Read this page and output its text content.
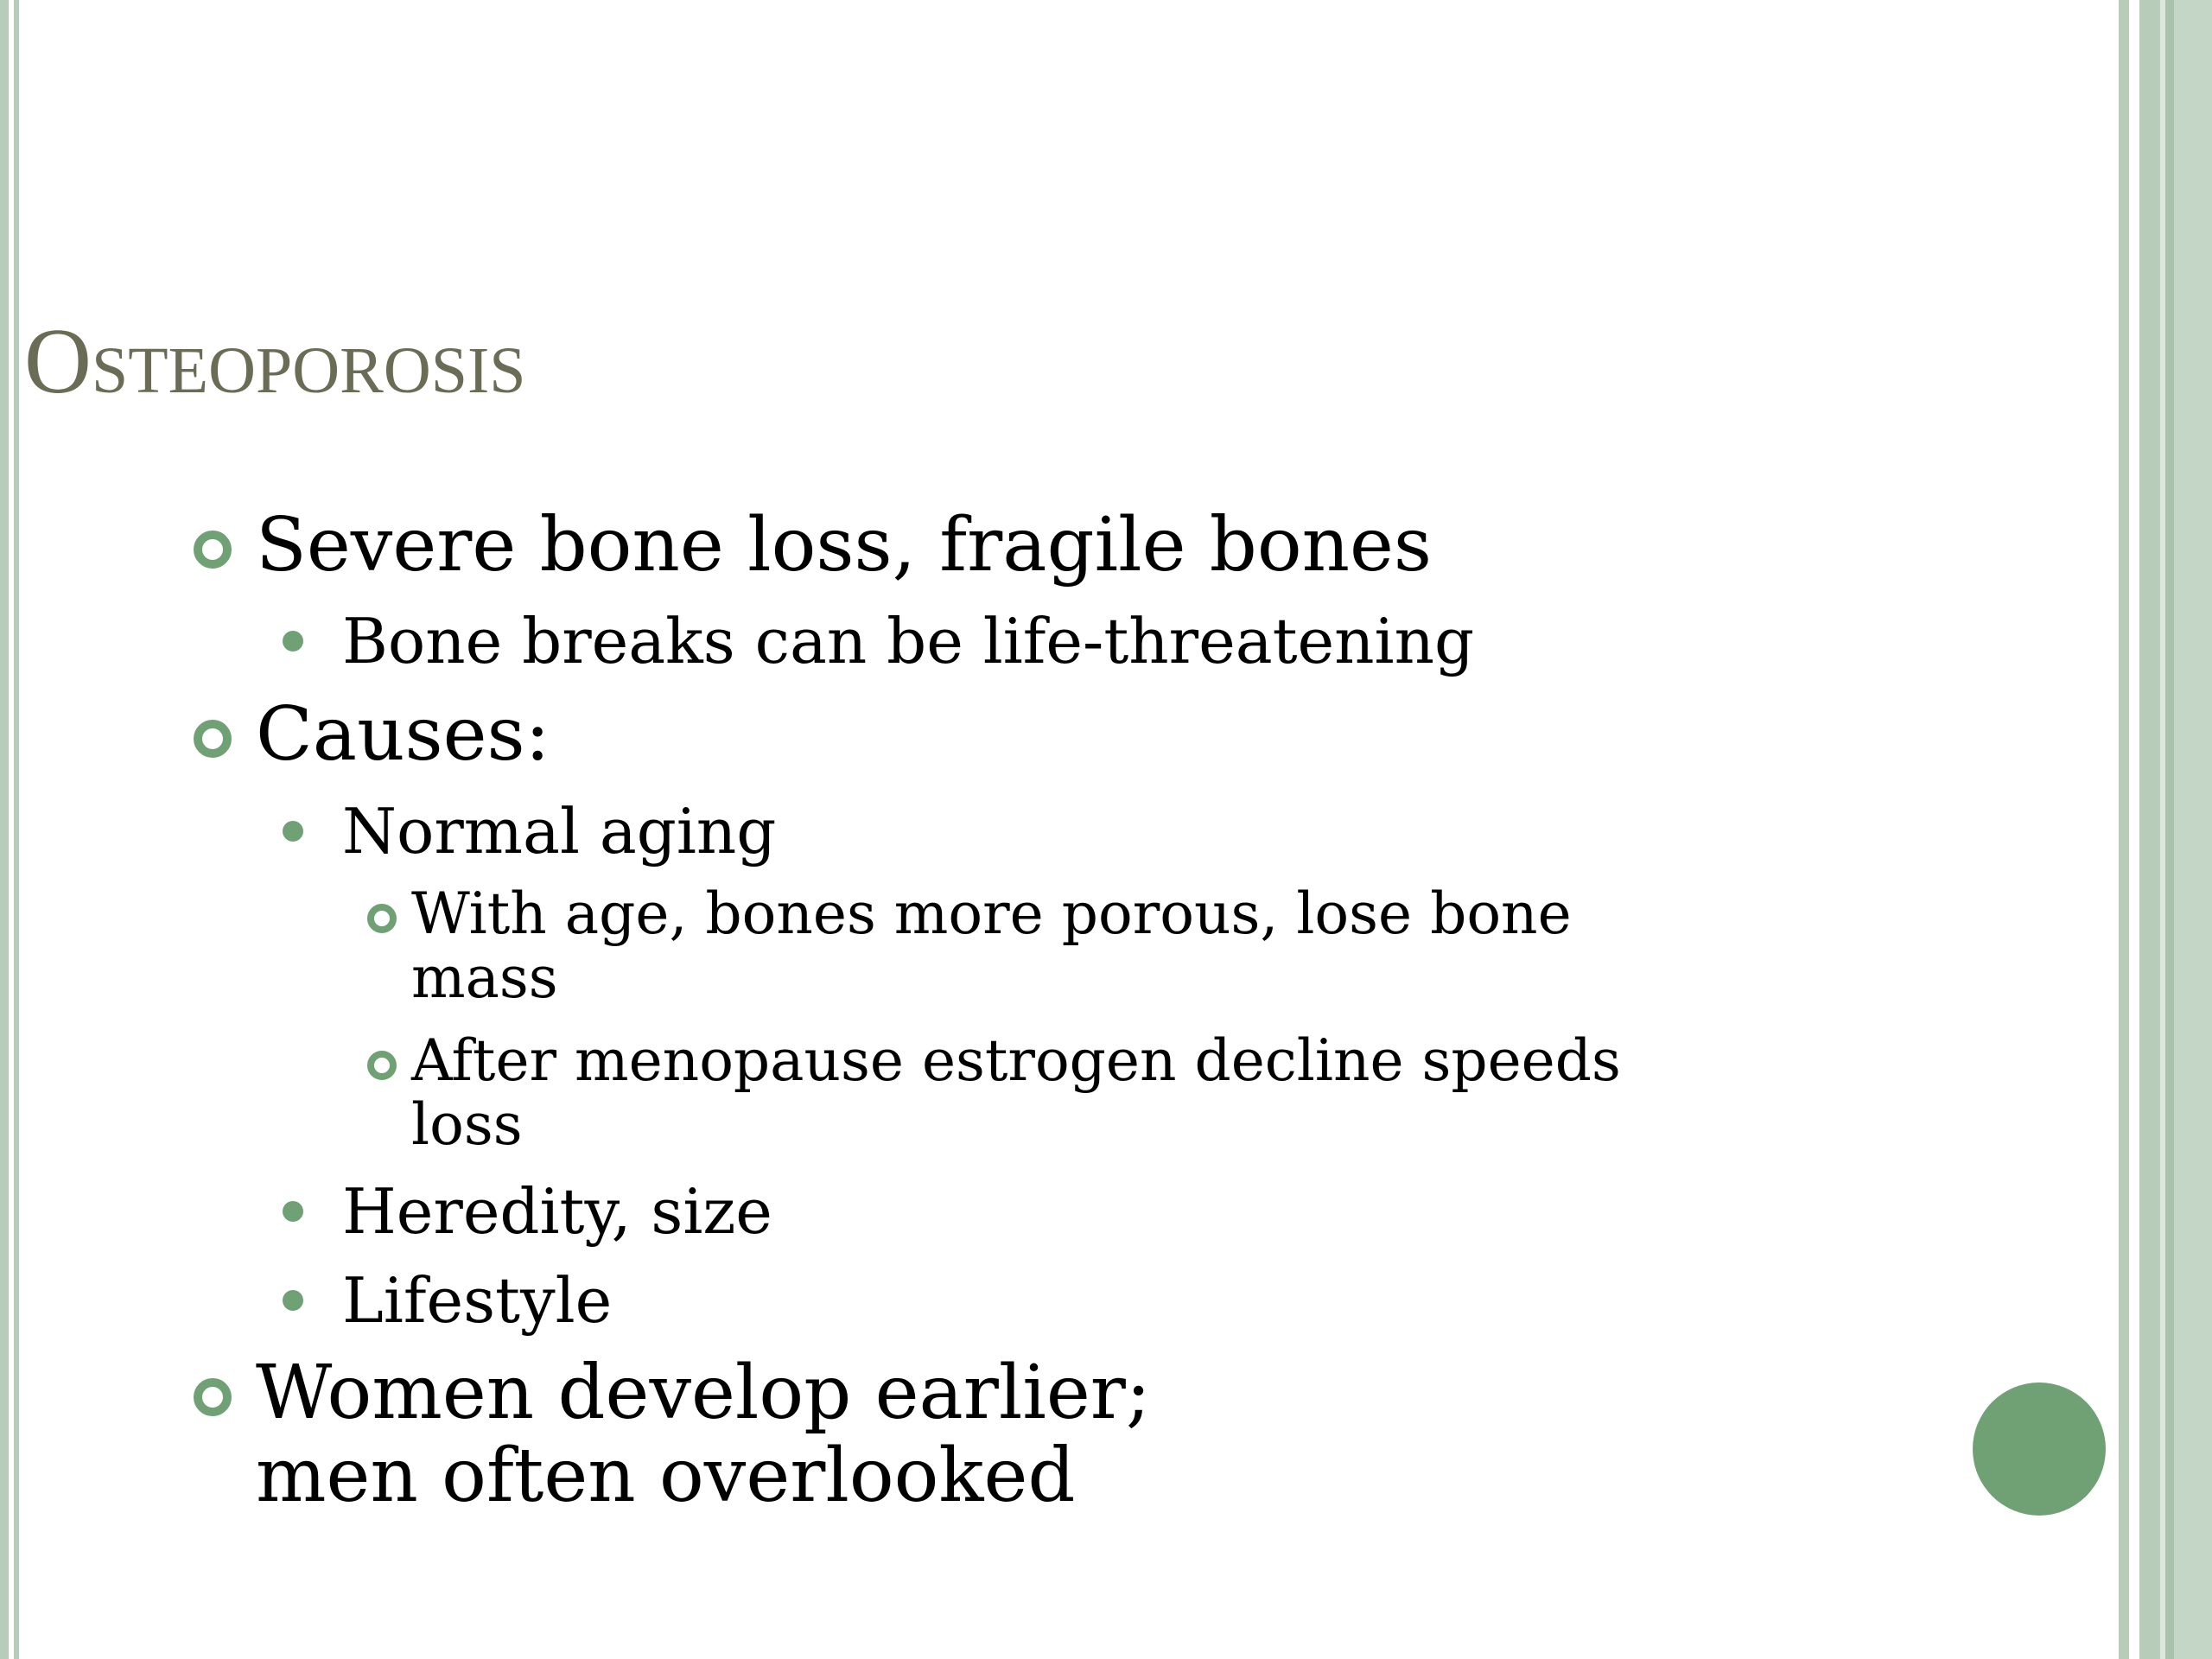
Osteoporosis
Severe bone loss, fragile bones
Bone breaks can be life-threatening
Causes:
Normal aging
With age, bones more porous, lose bone
mass
After menopause estrogen decline speeds
loss
Heredity, size
Lifestyle
Women develop earlier;
men often overlooked
